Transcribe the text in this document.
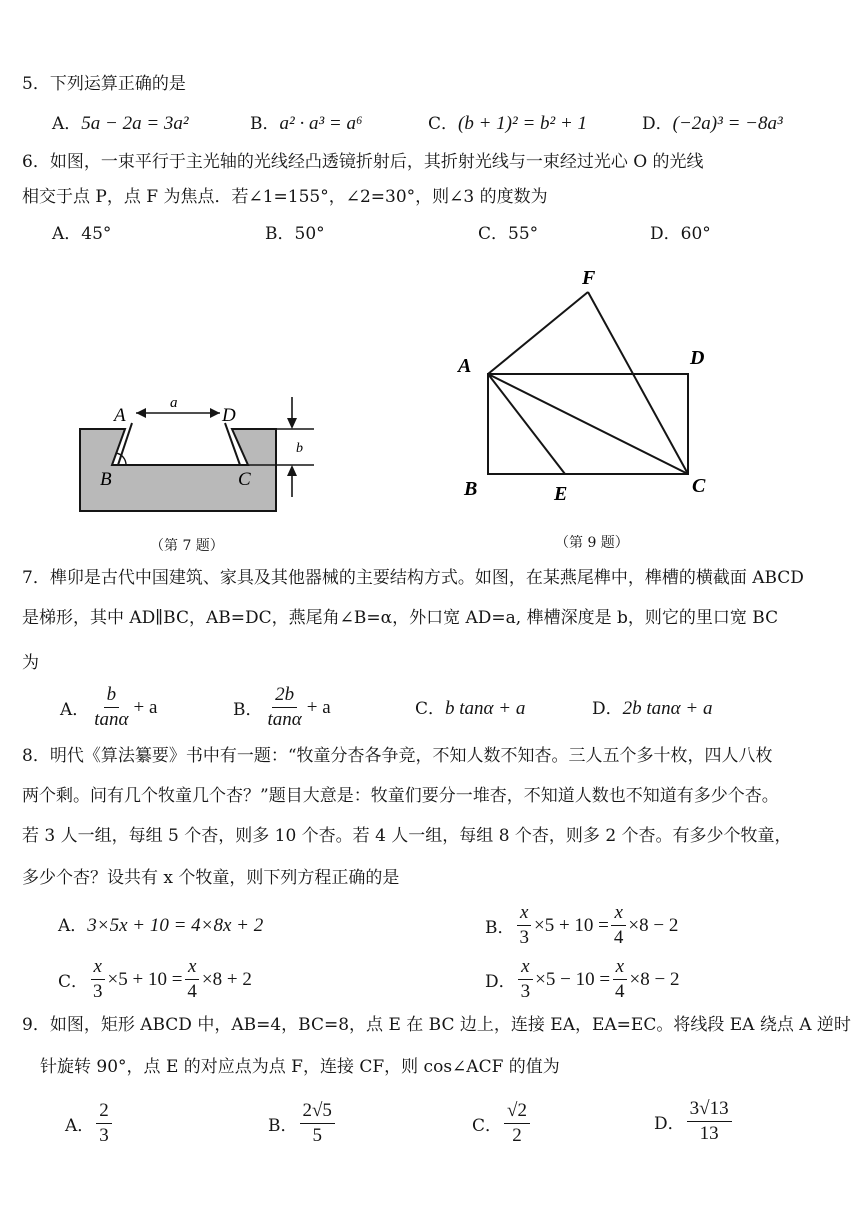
5．下列运算正确的是
A．5a − 2a = 3a²	B．a² · a³ = a⁶	C．(b + 1)² = b² + 1	D．(−2a)³ = −8a³
6．如图，一束平行于主光轴的光线经凸透镜折射后，其折射光线与一束经过光心 O 的光线
相交于点 P，点 F 为焦点．若∠1=155°，∠2=30°，则∠3 的度数为
A．45°	B．50°	C．55°	D．60°
A	D
B	C
a
b
（第 7 题）
F
A	D
B	E	C
（第 9 题）
7．榫卯是古代中国建筑、家具及其他器械的主要结构方式。如图，在某燕尾榫中，榫槽的横截面 ABCD
是梯形，其中 AD∥BC，AB=DC，燕尾角∠B=α，外口宽 AD=a, 榫槽深度是 b，则它的里口宽 BC
为
A．
b
tanα
+ a	B．
2b
tanα
+ a	C．b tanα + a	D．2b tanα + a
8．明代《算法纂要》书中有一题：“牧童分杏各争竞，不知人数不知杏。三人五个多十枚，四人八枚
两个剩。问有几个牧童几个杏？”题目大意是：牧童们要分一堆杏，不知道人数也不知道有多少个杏。
若 3 人一组，每组 5 个杏，则多 10 个杏。若 4 人一组，每组 8 个杏，则多 2 个杏。有多少个牧童，
多少个杏？设共有 x 个牧童，则下列方程正确的是
A．3×5x + 10 = 4×8x + 2	B． $\frac{x}{3} \times 5 + 10 = \frac{x}{4} \times 8 - 2$
C． $\frac{x}{3} \times 5 + 10 = \frac{x}{4} \times 8 + 2$	D． $\frac{x}{3} \times 5 - 10 = \frac{x}{4} \times 8 - 2$
9．如图，矩形 ABCD 中，AB=4，BC=8，点 E 在 BC 边上，连接 EA，EA=EC。将线段 EA 绕点 A 逆时
针旋转 90°，点 E 的对应点为点 F，连接 CF，则 cos∠ACF 的值为
A．
2
3	B．
2√5
5	C．
√2
2
D．
3√13
13
